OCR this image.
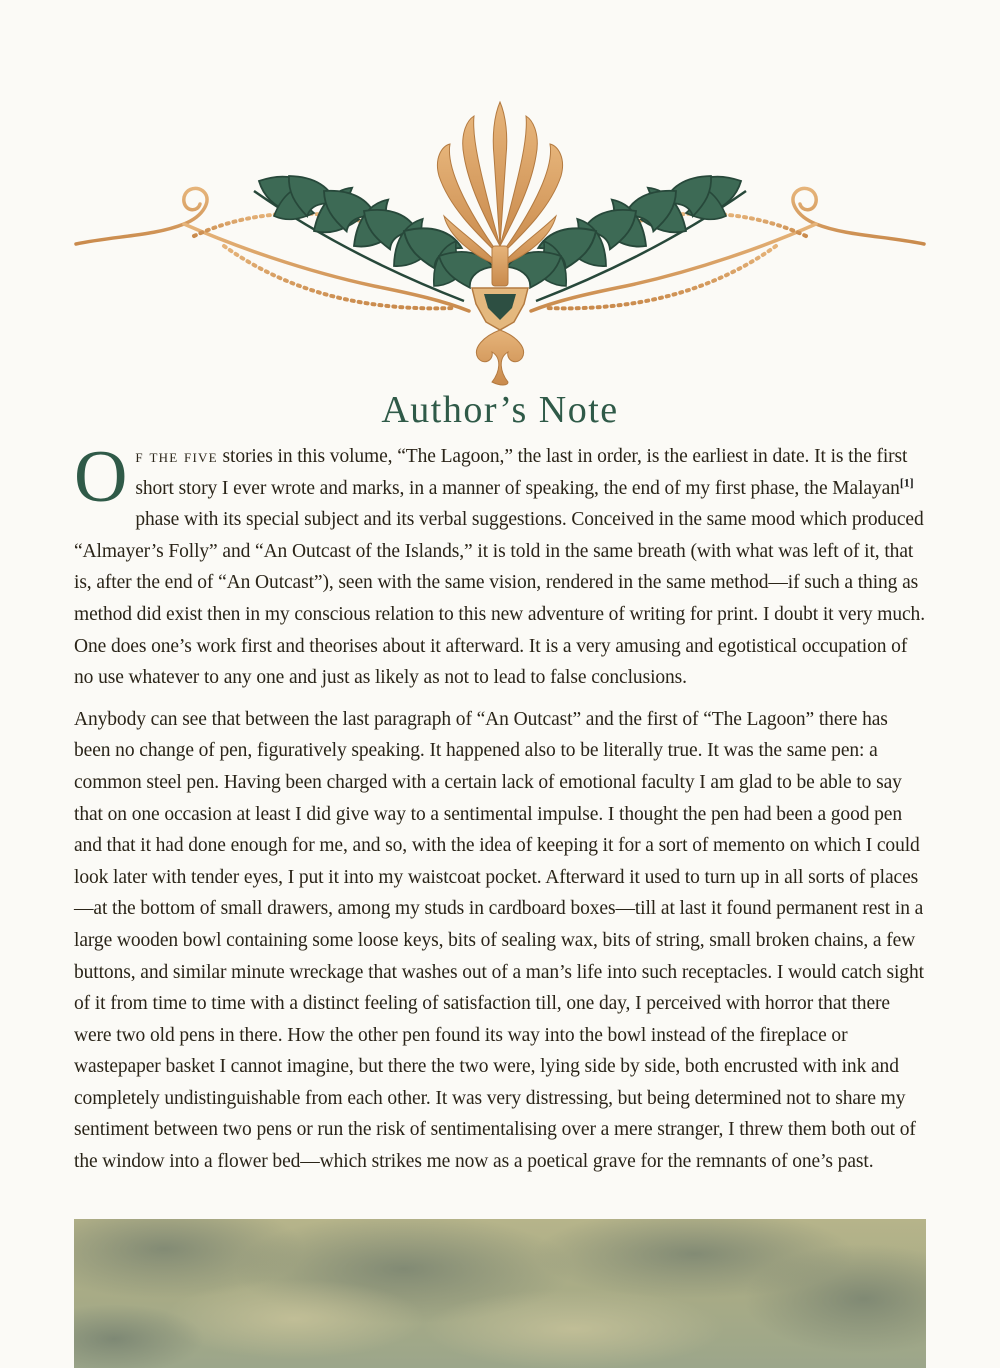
Author’s Note

Of the five stories in this volume, “The Lagoon,” the last in order, is the earliest in date. It is the first short story I ever wrote and marks, in a manner of speaking, the end of my first phase, the Malayan[1] phase with its special subject and its verbal suggestions. Conceived in the same mood which produced “Almayer’s Folly” and “An Outcast of the Islands,” it is told in the same breath (with what was left of it, that is, after the end of “An Outcast”), seen with the same vision, rendered in the same method—if such a thing as method did exist then in my conscious relation to this new adventure of writing for print. I doubt it very much. One does one’s work first and theorises about it afterward. It is a very amusing and egotistical occupation of no use whatever to any one and just as likely as not to lead to false conclusions.

Anybody can see that between the last paragraph of “An Outcast” and the first of “The Lagoon” there has been no change of pen, figuratively speaking. It happened also to be literally true. It was the same pen: a common steel pen. Having been charged with a certain lack of emotional faculty I am glad to be able to say that on one occasion at least I did give way to a sentimental impulse. I thought the pen had been a good pen and that it had done enough for me, and so, with the idea of keeping it for a sort of memento on which I could look later with tender eyes, I put it into my waistcoat pocket. Afterward it used to turn up in all sorts of places—at the bottom of small drawers, among my studs in cardboard boxes—till at last it found permanent rest in a large wooden bowl containing some loose keys, bits of sealing wax, bits of string, small broken chains, a few buttons, and similar minute wreckage that washes out of a man’s life into such receptacles. I would catch sight of it from time to time with a distinct feeling of satisfaction till, one day, I perceived with horror that there were two old pens in there. How the other pen found its way into the bowl instead of the fireplace or wastepaper basket I cannot imagine, but there the two were, lying side by side, both encrusted with ink and completely undistinguishable from each other. It was very distressing, but being determined not to share my sentiment between two pens or run the risk of sentimentalising over a mere stranger, I threw them both out of the window into a flower bed—which strikes me now as a poetical grave for the remnants of one’s past.
